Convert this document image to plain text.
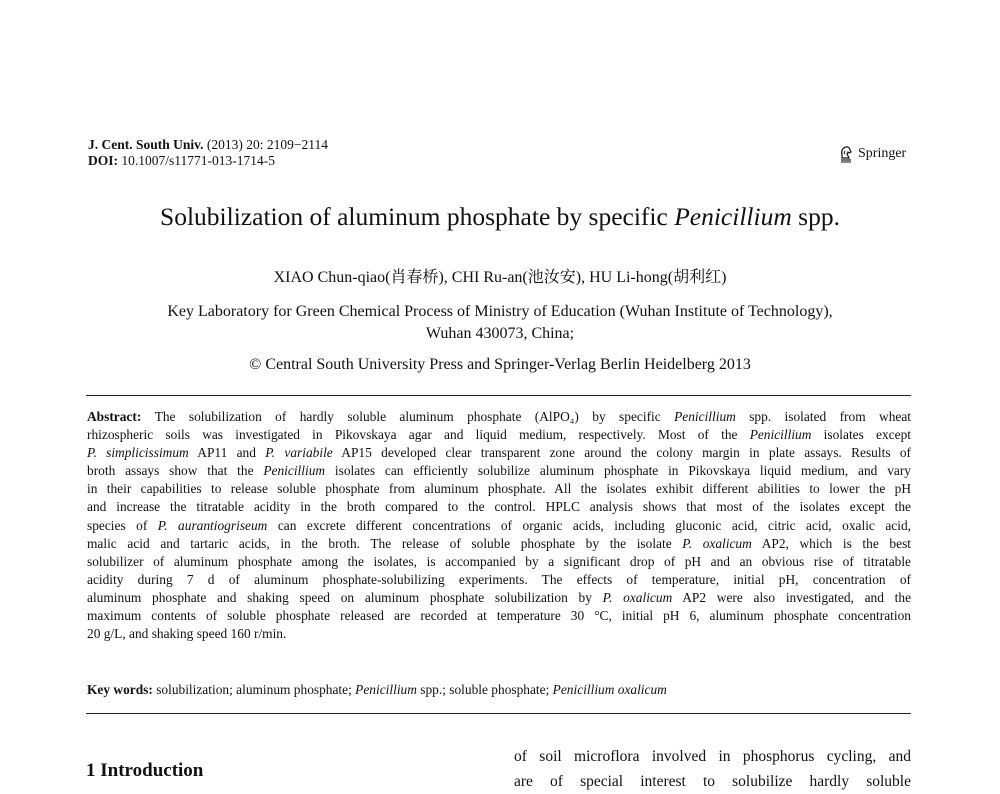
J. Cent. South Univ. (2013) 20: 2109−2114
DOI: 10.1007/s11771-013-1714-5	Springer
Solubilization of aluminum phosphate by specific Penicillium spp.
XIAO Chun-qiao(肖春桥), CHI Ru-an(池汝安), HU Li-hong(胡利红)
Key Laboratory for Green Chemical Process of Ministry of Education (Wuhan Institute of Technology),
Wuhan 430073, China;
© Central South University Press and Springer-Verlag Berlin Heidelberg 2013
Abstract: The solubilization of hardly soluble aluminum phosphate (AlPO₄) by specific Penicillium spp. isolated from wheat
rhizospheric soils was investigated in Pikovskaya agar and liquid medium, respectively. Most of the Penicillium isolates except
P. simplicissimum AP11 and P. variabile AP15 developed clear transparent zone around the colony margin in plate assays. Results of
broth assays show that the Penicillium isolates can efficiently solubilize aluminum phosphate in Pikovskaya liquid medium, and vary
in their capabilities to release soluble phosphate from aluminum phosphate. All the isolates exhibit different abilities to lower the pH
and increase the titratable acidity in the broth compared to the control. HPLC analysis shows that most of the isolates except the
species of P. aurantiogriseum can excrete different concentrations of organic acids, including gluconic acid, citric acid, oxalic acid,
malic acid and tartaric acids, in the broth. The release of soluble phosphate by the isolate P. oxalicum AP2, which is the best
solubilizer of aluminum phosphate among the isolates, is accompanied by a significant drop of pH and an obvious rise of titratable
acidity during 7 d of aluminum phosphate-solubilizing experiments. The effects of temperature, initial pH, concentration of
aluminum phosphate and shaking speed on aluminum phosphate solubilization by P. oxalicum AP2 were also investigated, and the
maximum contents of soluble phosphate released are recorded at temperature 30 °C, initial pH 6, aluminum phosphate concentration
20 g/L, and shaking speed 160 r/min.
Key words: solubilization; aluminum phosphate; Penicillium spp.; soluble phosphate; Penicillium oxalicum
1 Introduction
of soil microflora involved in phosphorus cycling, and
are of special interest to solubilize hardly soluble
